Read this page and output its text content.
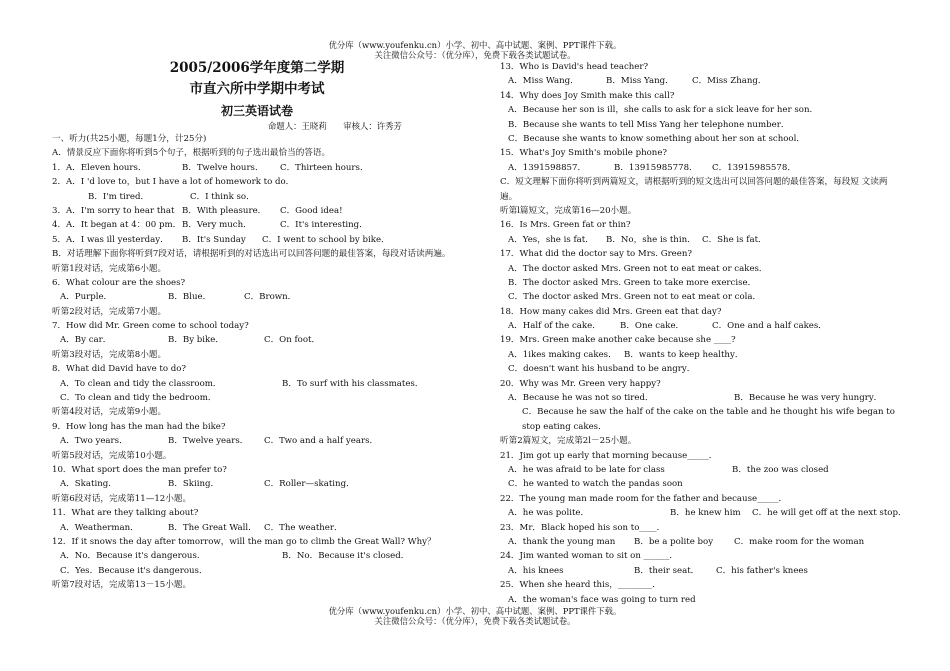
优分库（www.youfenku.cn）小学、初中、高中试题、案例、PPT课件下载。
关注微信公众号：（优分库），免费下载各类试题试卷。
2005/2006学年度第二学期
市直六所中学期中考试
初三英语试卷
命题人：王晓莉 审核人：许秀芳
一、听力(共25小题，每题1分，计25分)
A．情景反应下面你将听到5个句子，根据听到的句子选出最恰当的答语。
1．A．Eleven hours．	B．Twelve hours． C．Thirteen hours．
2．A．I 'd love to，but I have a lot of homework to do．
B．I'm tired．	C．I think so．
3．A．I'm sorry to hear that B．With pleasure． C．Good idea!
4．A．It began at 4：00 pm．B．Very much．	C．It's interesting．
5．A．I was ill yesterday． B．It's Sunday C．I went to school by bike．
B．对话理解下面你将听到7段对话，请根据听到的对话选出可以回答问题的最佳答案，每段对话读两遍。
听第1段对话，完成第6小题。
6．What colour are the shoes?
A．Purple．	B．Blue．	C．Brown．
听第2段对话，完成第7小题。
7．How did Mr. Green come to school today?
A．By car．	B．By bike．	C．On foot．
听第3段对话，完成第8小题。
8．What did David have to do?
A．To clean and tidy the classroom．	B．To surf with his classmates．
C．To clean and tidy the bedroom．
听第4段对话，完成第9小题。
9．How long has the man had the bike?
A．Two years．	B．Twelve years． C．Two and a half years．
听第5段对话，完成第10小题。
10．What sport does the man prefer to?
A．Skating．	B．Skiing．	C．Roller—skating．
听第6段对话，完成第11—12小题。
11．What are they talking about?
A．Weatherman．	B．The Great Wall． C．The weather．
12．If it snows the day after tomorrow，will the man go to climb the Great Wall? Why？
A．No．Because it's dangerous.	B．No．Because it's closed．
C．Yes．Because it's dangerous．
听第7段对话，完成第13－15小题。
13．Who is David's head teacher?
A．Miss Wang．	B．Miss Yang． C．Miss Zhang．
14．Why does Joy Smith make this call?
A．Because her son is ill，she calls to ask for a sick leave for her son．
B．Because she wants to tell Miss Yang her telephone number．
C．Because she wants to know something about her son at school．
15．What's Joy Smith's mobile phone?
A．1391598857．	B．13915985778． C．13915985578．
C．短文理解下面你将听到两篇短文，请根据听到的短文选出可以回答问题的最佳答案，每段短 文读两遍。
听第l篇短文，完成第16—20小题。
16．Is Mrs. Green fat or thin?
A．Yes，she is fat． B．No，she is thin． C．She is fat．
17．What did the doctor say to Mrs. Green?
A．The doctor asked Mrs. Green not to eat meat or cakes．
B．The doctor asked Mrs. Green to take more exercise．
C．The doctor asked Mrs. Green not to eat meat or cola．
18．How many cakes did Mrs. Green eat that day?
A．Half of the cake． B．One cake．	C．One and a half cakes．
19．Mrs. Green make another cake because she ____?
A．1ikes making cakes． B．wants to keep healthy．
C．doesn't want his husband to be angry．
20．Why was Mr. Green very happy?
A．Because he was not so tired．	B．Because he was very hungry．
C．Because he saw the half of the cake on the table and he thought his wife began to stop eating cakes．
听第2篇短文，完成第2l－25小题。
21．Jim got up early that morning because_____．
A．he was afraid to be late for class	B．the zoo was closed
C．he wanted to watch the pandas soon
22．The young man made room for the father and because_____．
A．he was polite．	B．he knew him C．he will get off at the next stop．
23．Mr．Black hoped his son to____．
A．thank the young man B．be a polite boy C．make room for the woman
24．Jim wanted woman to sit on ______．
A．his knees	B．their seat． C．his father's knees
25．When she heard this，________．
A．the woman's face was going to turn red
优分库（www.youfenku.cn）小学、初中、高中试题、案例、PPT课件下载。
关注微信公众号：（优分库），免费下载各类试题试卷。
